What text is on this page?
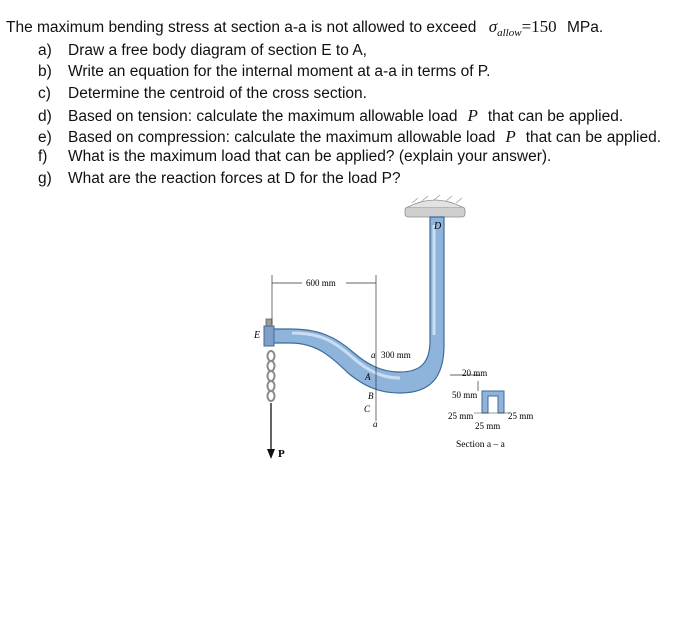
The maximum bending stress at section a-a is not allowed to exceed $\sigma_{allow}=150$ MPa.
a) Draw a free body diagram of section E to A,
b) Write an equation for the internal moment at a-a in terms of P.
c) Determine the centroid of the cross section.
d) Based on tension: calculate the maximum allowable load P that can be applied.
e) Based on compression: calculate the maximum allowable load P that can be applied.
f) What is the maximum load that can be applied? (explain your answer).
g) What are the reaction forces at D for the load P?
P
600 mm
a 300 mm
D
E
A
B
C
a
20 mm
50 mm
25 mm	25 mm
25 mm
Section a – a
